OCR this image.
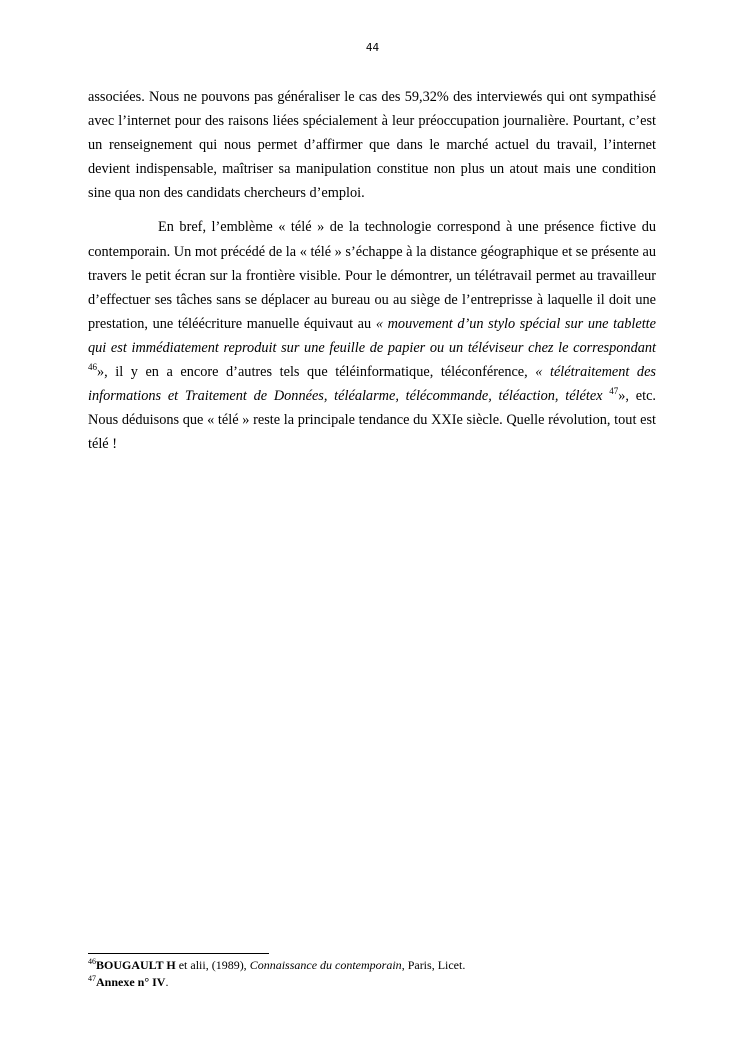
44

associées. Nous ne pouvons pas généraliser le cas des 59,32% des interviewés qui ont sympathisé avec l’internet pour des raisons liées spécialement à leur préoccupation journalière. Pourtant, c’est un renseignement qui nous permet d’affirmer que dans le marché actuel du travail, l’internet devient indispensable, maîtriser sa manipulation constitue non plus un atout mais une condition sine qua non des candidats chercheurs d’emploi.

En bref, l’emblème « télé » de la technologie correspond à une présence fictive du contemporain. Un mot précédé de la « télé » s’échappe à la distance géographique et se présente au travers le petit écran sur la frontière visible. Pour le démontrer, un télétravail permet au travailleur d’effectuer ses tâches sans se déplacer au bureau ou au siège de l’entreprisse à laquelle il doit une prestation, une téléécriture manuelle équivaut au « mouvement d’un stylo spécial sur une tablette qui est immédiatement reproduit sur une feuille de papier ou un téléviseur chez le correspondant $^{46}$», il y en a encore d’autres tels que téléinformatique, téléconférence, « télétraitement des informations et Traitement de Données, téléalarme, télécommande, téléaction, télétex $^{47}$», etc. Nous déduisons que « télé » reste la principale tendance du XXIe siècle. Quelle révolution, tout est télé !

$^{46}$BOUGAULT H et alii, (1989), Connaissance du contemporain, Paris, Licet.

$^{47}$Annexe n° IV.
